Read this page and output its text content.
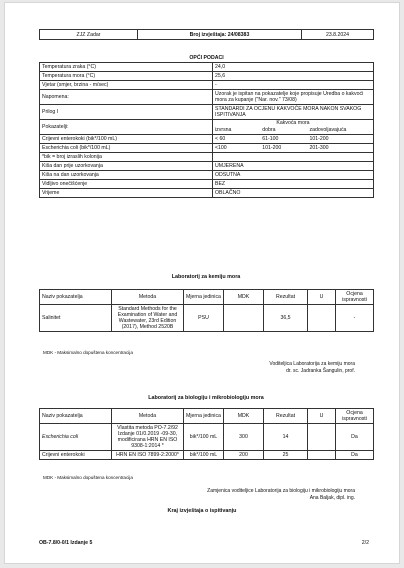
ZJZ Zadar	Broj izvještaja: 24/08383	23.8.2024
OPĆI PODACI	
Temperatura zraka (°C)	24,0
Temperatura mora (°C)	25,6
Vjetar (smjer, brzina - m/sec)	-
Napomena:	Uzorak je ispitan na pokazatelje koje propisuje Uredba o kakvoći mora za kupanje ("Nar. nov." 73/08)
Prilog I	STANDARDI ZA OCJENU KAKVOĆE MORA NAKON SVAKOG ISPITIVANJA
Pokazatelji:	Kakvoća mora
izvrsna dobra zadovoljavajuća

Crijevni enterokoki (bik*/100 mL)	< 60 61-100 101-200

Escherichia coli (bik*/100 mL)	<100 101-200 201-300

*bik = broj izraslih kolonija	
Kiša dan prije uzorkovanja	UMJERENA
Kiša na dan uzorkovanja	ODSUTNA
Vidljivo onečišćenje	BEZ
Vrijeme	OBLAČNO
Laboratorij za kemiju mora
Naziv pokazatelja	Metoda	Mjerna jedinica	MDK	Rezultat	U	Ocjena ispravnosti
Salinitet	Standard Methods for the Examination of Water and Wastewater, 23rd Edition (2017), Method 2520B	PSU		36,5		-
MDK - Maksimalno dopuštena koncentracija
Voditeljica Laboratorija za kemiju mora
dr. sc. Jadranka Šangulin, prof.
Laboratorij za biologiju i mikrobiologiju mora
Naziv pokazatelja	Metoda	Mjerna jedinica	MDK	Rezultat	U	Ocjena ispravnosti
Escherichia coli	Vlastita metoda PO-7.2/92 Izdanje 01/0.2019 -09-30, modificirana HRN EN ISO 9308-1:2014 *	bik*/100 mL	300	14		Da
Crijevni enterokoki	HRN EN ISO 7899-2:2000*	bik*/100 mL	200	25		Da
MDK - Maksimalno dopuštena koncentracija
Zamjenica voditeljice Laboratorija za biologiju i mikrobiologiju mora
Ana Baljak, dipl. ing.
Kraj izvještaja o ispitivanju
OB-7.8/0-0/1 Izdanje 5	2/2
